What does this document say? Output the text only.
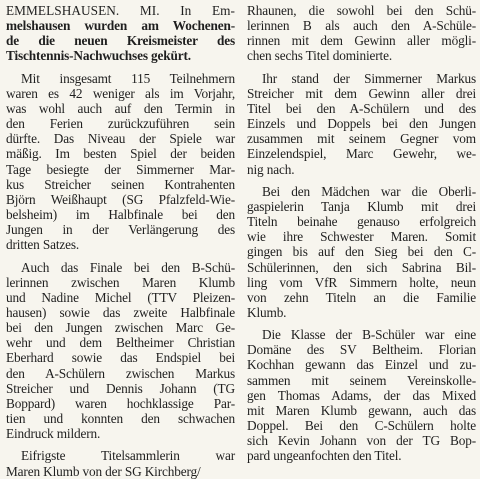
EMMELSHAUSEN. MI. In Em-
melshausen wurden am Wochenen-
de die neuen Kreismeister des
Tischtennis-Nachwuchses gekürt.

Mit insgesamt 115 Teilnehmern
waren es 42 weniger als im Vorjahr,
was wohl auch auf den Termin in
den Ferien zurückzuführen sein
dürfte. Das Niveau der Spiele war
mäßig. Im besten Spiel der beiden
Tage besiegte der Simmerner Mar-
kus Streicher seinen Kontrahenten
Björn Weißhaupt (SG Pfalzfeld-Wie-
belsheim) im Halbfinale bei den
Jungen in der Verlängerung des
dritten Satzes.

Auch das Finale bei den B-Schü-
lerinnen zwischen Maren Klumb
und Nadine Michel (TTV Pleizen-
hausen) sowie das zweite Halbfinale
bei den Jungen zwischen Marc Ge-
wehr und dem Beltheimer Christian
Eberhard sowie das Endspiel bei
den A-Schülern zwischen Markus
Streicher und Dennis Johann (TG
Boppard) waren hochklassige Par-
tien und konnten den schwachen
Eindruck mildern.

Eifrigste Titelsammlerin war
Maren Klumb von der SG Kirchberg/

Rhaunen, die sowohl bei den Schü-
lerinnen B als auch den A-Schüle-
rinnen mit dem Gewinn aller mögli-
chen sechs Titel dominierte.

Ihr stand der Simmerner Markus
Streicher mit dem Gewinn aller drei
Titel bei den A-Schülern und des
Einzels und Doppels bei den Jungen
zusammen mit seinem Gegner vom
Einzelendspiel, Marc Gewehr, we-
nig nach.

Bei den Mädchen war die Oberli-
gaspielerin Tanja Klumb mit drei
Titeln beinahe genauso erfolgreich
wie ihre Schwester Maren. Somit
gingen bis auf den Sieg bei den C-
Schülerinnen, den sich Sabrina Bil-
ling vom VfR Simmern holte, neun
von zehn Titeln an die Familie
Klumb.

Die Klasse der B-Schüler war eine
Domäne des SV Beltheim. Florian
Kochhan gewann das Einzel und zu-
sammen mit seinem Vereinskolle-
gen Thomas Adams, der das Mixed
mit Maren Klumb gewann, auch das
Doppel. Bei den C-Schülern holte
sich Kevin Johann von der TG Bop-
pard ungeanfochten den Titel.
